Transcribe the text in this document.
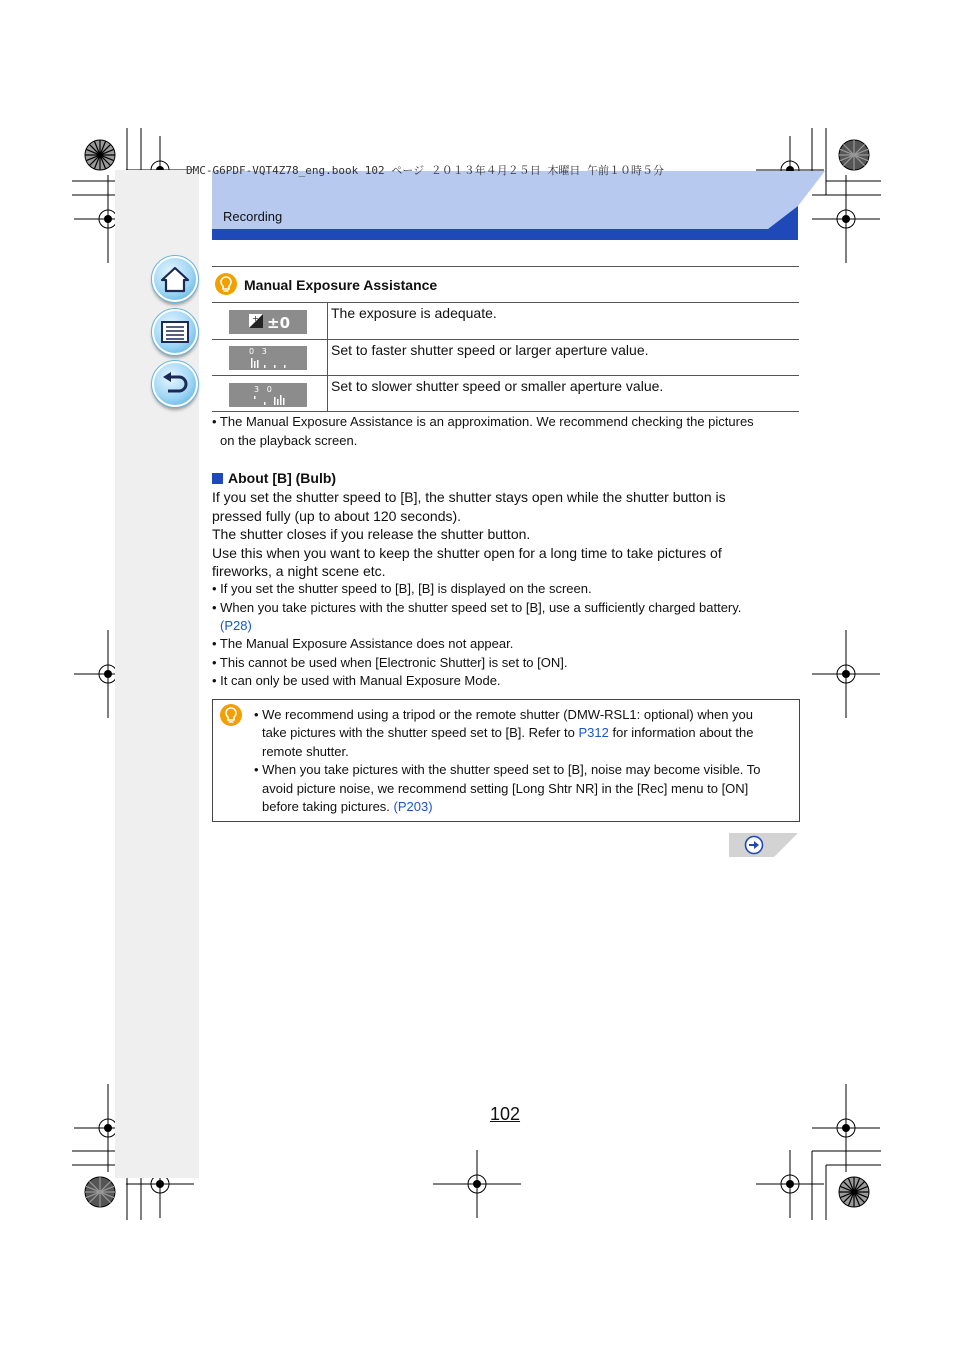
DMC-G6PDF-VQT4Z78_eng.book 102 ページ ２０１３年４月２５日 木曜日 午前１０時５分
Recording
Manual Exposure Assistance
+ ±0
The exposure is adequate.
0   3	Set to faster shutter speed or larger aperture value.
3   0	Set to slower shutter speed or smaller aperture value.
• The Manual Exposure Assistance is an approximation. We recommend checking the pictures
on the playback screen.
About [B] (Bulb)
If you set the shutter speed to [B], the shutter stays open while the shutter button is
pressed fully (up to about 120 seconds).
The shutter closes if you release the shutter button.
Use this when you want to keep the shutter open for a long time to take pictures of
fireworks, a night scene etc.
• If you set the shutter speed to [B], [B] is displayed on the screen.
• When you take pictures with the shutter speed set to [B], use a sufficiently charged battery.
(P28)
• The Manual Exposure Assistance does not appear.
• This cannot be used when [Electronic Shutter] is set to [ON].
• It can only be used with Manual Exposure Mode.
• We recommend using a tripod or the remote shutter (DMW-RSL1: optional) when you
take pictures with the shutter speed set to [B]. Refer to P312 for information about the
remote shutter.
• When you take pictures with the shutter speed set to [B], noise may become visible. To
avoid picture noise, we recommend setting [Long Shtr NR] in the [Rec] menu to [ON]
before taking pictures. (P203)
102
